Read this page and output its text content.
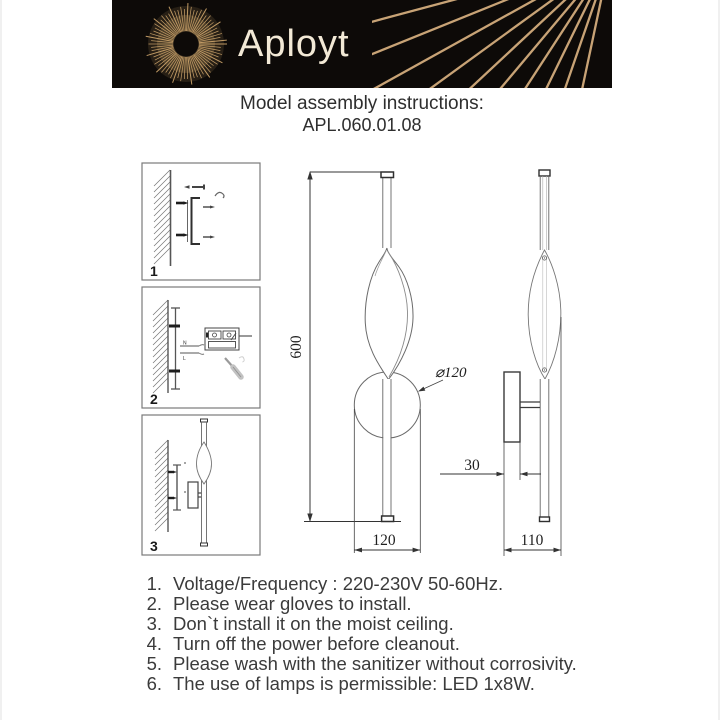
Aployt
Model assembly instructions:
APL.060.01.08
1
N
L
2
3
600
120
⌀120
30
110
1. Voltage/Frequency : 220-230V 50-60Hz.
2. Please wear gloves to install.
3. Don`t install it on the moist ceiling.
4. Turn off the power before cleanout.
5. Please wash with the sanitizer without corrosivity.
6. The use of lamps is permissible: LED 1x8W.
